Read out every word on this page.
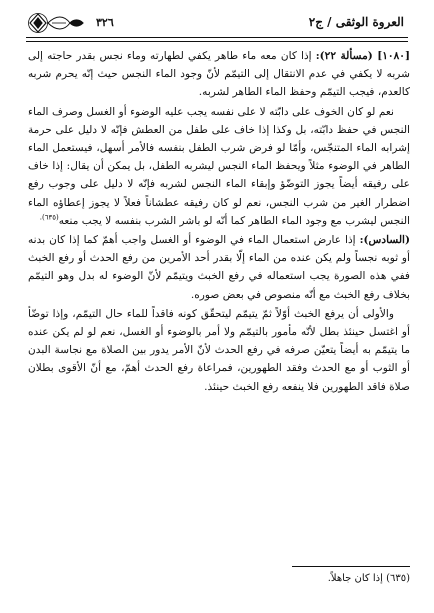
العروة الوثقى / ج٢
٣٢٦

[١٠٨٠] (مسألة ٢٢): إذا كان معه ماء طاهر يكفي لطهارته وماء نجس بقدر حاجته إلى شربه لا يكفي في عدم الانتقال إلى التيمّم لأنّ وجود الماء النجس حيث إنّه يحرم شربه كالعدم، فيجب التيمّم وحفظ الماء الطاهر لشربه.

نعم لو كان الخوف على دابّته لا على نفسه يجب عليه الوضوء أو الغسل وصرف الماء النجس في حفظ دابّته، بل وكذا إذا خاف على طفل من العطش فإنّه لا دليل على حرمة إشرابه الماء المتنجّس، وأمّا لو فرض شرب الطفل بنفسه فالأمر أسهل، فيستعمل الماء الطاهر في الوضوء مثلاً ويحفظ الماء النجس ليشربه الطفل، بل يمكن أن يقال: إذا خاف على رفيقه أيضاً يجوز التوضّؤ وإبقاء الماء النجس لشربه فإنّه لا دليل على وجوب رفع اضطرار الغير من شرب النجس، نعم لو كان رفيقه عطشاناً فعلاً لا يجوز إعطاؤه الماء النجس ليشرب مع وجود الماء الطاهر كما أنّه لو باشر الشرب بنفسه لا يجب منعه$^{(٦٣٥).}$

(السادس): إذا عارض استعمال الماء في الوضوء أو الغسل واجب أهمّ كما إذا كان بدنه أو ثوبه نجساً ولم يكن عنده من الماء إلّا بقدر أحد الأمرين من رفع الحدث أو رفع الخبث ففي هذه الصورة يجب استعماله في رفع الخبث ويتيمّم لأنّ الوضوء له بدل وهو التيمّم بخلاف رفع الخبث مع أنّه منصوص في بعض صوره.

والأولى أن يرفع الخبث أوّلاً ثمّ يتيمّم ليتحقّق كونه فاقداً للماء حال التيمّم، وإذا توضّأ أو اغتسل حينئذ بطل لأنّه مأمور بالتيمّم ولا أمر بالوضوء أو الغسل، نعم لو لم يكن عنده ما يتيمّم به أيضاً يتعيّن صرفه في رفع الحدث لأنّ الأمر يدور بين الصلاة مع نجاسة البدن أو الثوب أو مع الحدث وفقد الطهورين، فمراعاة رفع الحدث أهمّ، مع أنّ الأقوى بطلان صلاة فاقد الطهورين فلا ينفعه رفع الخبث حينئذ.

(٦٣٥) إذا كان جاهلاً.
